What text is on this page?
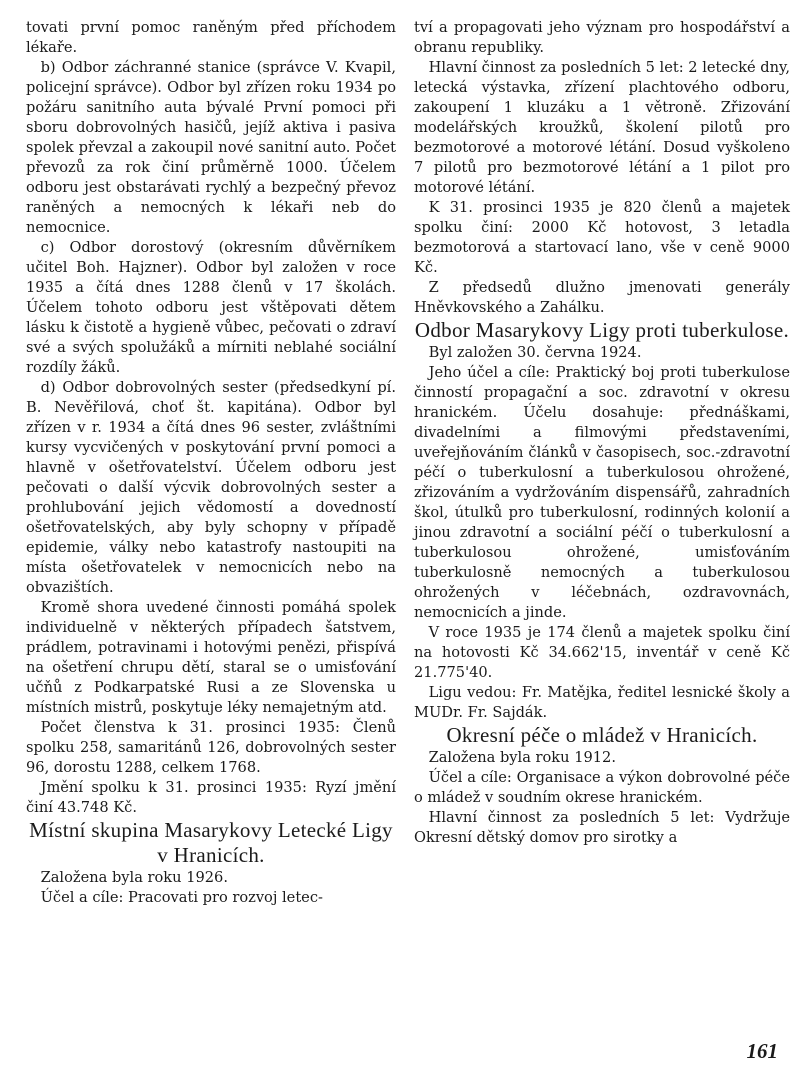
tovati první pomoc raněným před příchodem lékaře.

b) Odbor záchranné stanice (správce V. Kvapil, policejní správce). Odbor byl zřízen roku 1934 po požáru sanitního auta bývalé První pomoci při sboru dobrovolných hasičů, jejíž aktiva i pasiva spolek převzal a zakoupil nové sanitní auto. Počet převozů za rok činí průměrně 1000. Účelem odboru jest obstarávati rychlý a bezpečný převoz raněných a nemocných k lékaři neb do nemocnice.

c) Odbor dorostový (okresním důvěrníkem učitel Boh. Hajzner). Odbor byl založen v roce 1935 a čítá dnes 1288 členů v 17 školách. Účelem tohoto odboru jest vštěpovati dětem lásku k čistotě a hygieně vůbec, pečovati o zdraví své a svých spolužáků a mírniti neblahé sociální rozdíly žáků.

d) Odbor dobrovolných sester (předsedkyní pí. B. Nevěřilová, choť št. kapitána). Odbor byl zřízen v r. 1934 a čítá dnes 96 sester, zvláštními kursy vycvičených v poskytování první pomoci a hlavně v ošetřovatelství. Účelem odboru jest pečovati o další výcvik dobrovolných sester a prohlubování jejich vědomostí a dovedností ošetřovatelských, aby byly schopny v případě epidemie, války nebo katastrofy nastoupiti na místa ošetřovatelek v nemocnicích nebo na obvazištích.

Kromě shora uvedené činnosti pomáhá spolek individuelně v některých případech šatstvem, prádlem, potravinami i hotovými penězi, přispívá na ošetření chrupu dětí, staral se o umisťování učňů z Podkarpatské Rusi a ze Slovenska u místních mistrů, poskytuje léky nemajetným atd.

Počet členstva k 31. prosinci 1935: Členů spolku 258, samaritánů 126, dobrovolných sester 96, dorostu 1288, celkem 1768.

Jmění spolku k 31. prosinci 1935: Ryzí jmění činí 43.748 Kč.

Místní skupina Masarykovy Letecké Ligy v Hranicích.

Založena byla roku 1926.

Účel a cíle: Pracovati pro rozvoj letec-

tví a propagovati jeho význam pro hospodářství a obranu republiky.

Hlavní činnost za posledních 5 let: 2 letecké dny, letecká výstavka, zřízení plachtového odboru, zakoupení 1 kluzáku a 1 větroně. Zřizování modelářských kroužků, školení pilotů pro bezmotorové a motorové létání. Dosud vyškoleno 7 pilotů pro bezmotorové létání a 1 pilot pro motorové létání.

K 31. prosinci 1935 je 820 členů a majetek spolku činí: 2000 Kč hotovost, 3 letadla bezmotorová a startovací lano, vše v ceně 9000 Kč.

Z předsedů dlužno jmenovati generály Hněvkovského a Zahálku.

Odbor Masarykovy Ligy proti tuberkulose.

Byl založen 30. června 1924.

Jeho účel a cíle: Praktický boj proti tuberkulose činností propagační a soc. zdravotní v okresu hranickém. Účelu dosahuje: přednáškami, divadelními a filmovými představeními, uveřejňováním článků v časopisech, soc.-zdravotní péčí o tuberkulosní a tuberkulosou ohrožené, zřizováním a vydržováním dispensářů, zahradních škol, útulků pro tuberkulosní, rodinných kolonií a jinou zdravotní a sociální péčí o tuberkulosní a tuberkulosou ohrožené, umisťováním tuberkulosně nemocných a tuberkulosou ohrožených v léčebnách, ozdravovnách, nemocnicích a jinde.

V roce 1935 je 174 členů a majetek spolku činí na hotovosti Kč 34.662'15, inventář v ceně Kč 21.775'40.

Ligu vedou: Fr. Matějka, ředitel lesnické školy a MUDr. Fr. Sajdák.

Okresní péče o mládež v Hranicích.

Založena byla roku 1912.

Účel a cíle: Organisace a výkon dobrovolné péče o mládež v soudním okrese hranickém.

Hlavní činnost za posledních 5 let: Vydržuje Okresní dětský domov pro sirotky a

161
